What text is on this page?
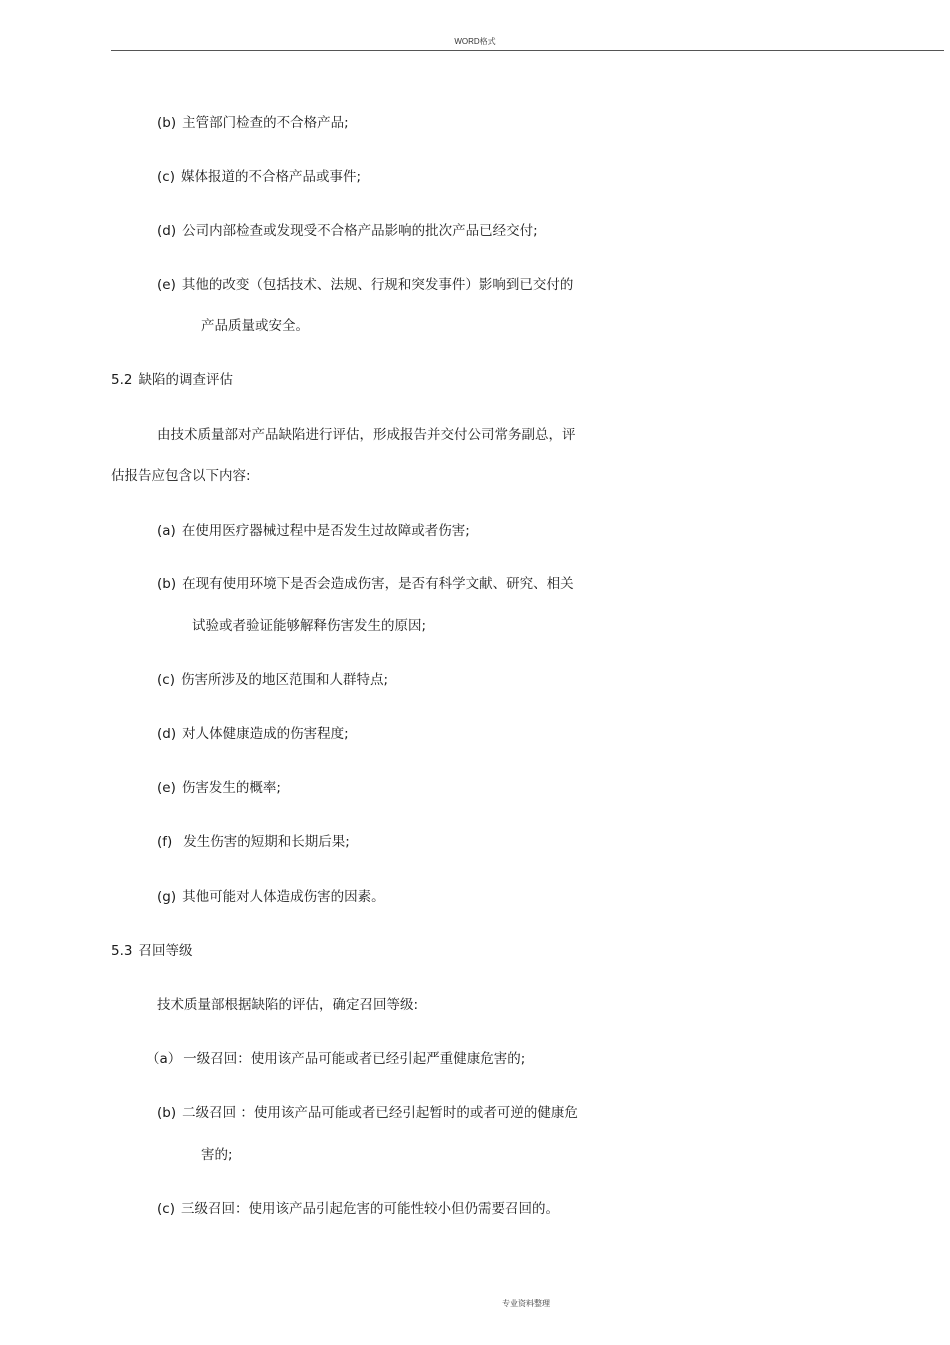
WORD格式
(b) 主管部门检查的不合格产品;
(c) 媒体报道的不合格产品或事件;
(d) 公司内部检查或发现受不合格产品影响的批次产品已经交付;
(e) 其他的改变（包括技术、法规、行规和突发事件）影响到已交付的
产品质量或安全。
5.2 缺陷的调查评估
由技术质量部对产品缺陷进行评估，形成报告并交付公司常务副总，评
估报告应包含以下内容:
(a) 在使用医疗器械过程中是否发生过故障或者伤害;
(b) 在现有使用环境下是否会造成伤害，是否有科学文献、研究、相关
试验或者验证能够解释伤害发生的原因;
(c) 伤害所涉及的地区范围和人群特点;
(d) 对人体健康造成的伤害程度;
(e) 伤害发生的概率;
(f) 发生伤害的短期和长期后果;
(g) 其他可能对人体造成伤害的因素。
5.3 召回等级
技术质量部根据缺陷的评估，确定召回等级:
（a） 一级召回：使用该产品可能或者已经引起严重健康危害的;
(b) 二级召回 ：使用该产品可能或者已经引起暂时的或者可逆的健康危
害的;
(c) 三级召回：使用该产品引起危害的可能性较小但仍需要召回的。
专业资料整理
